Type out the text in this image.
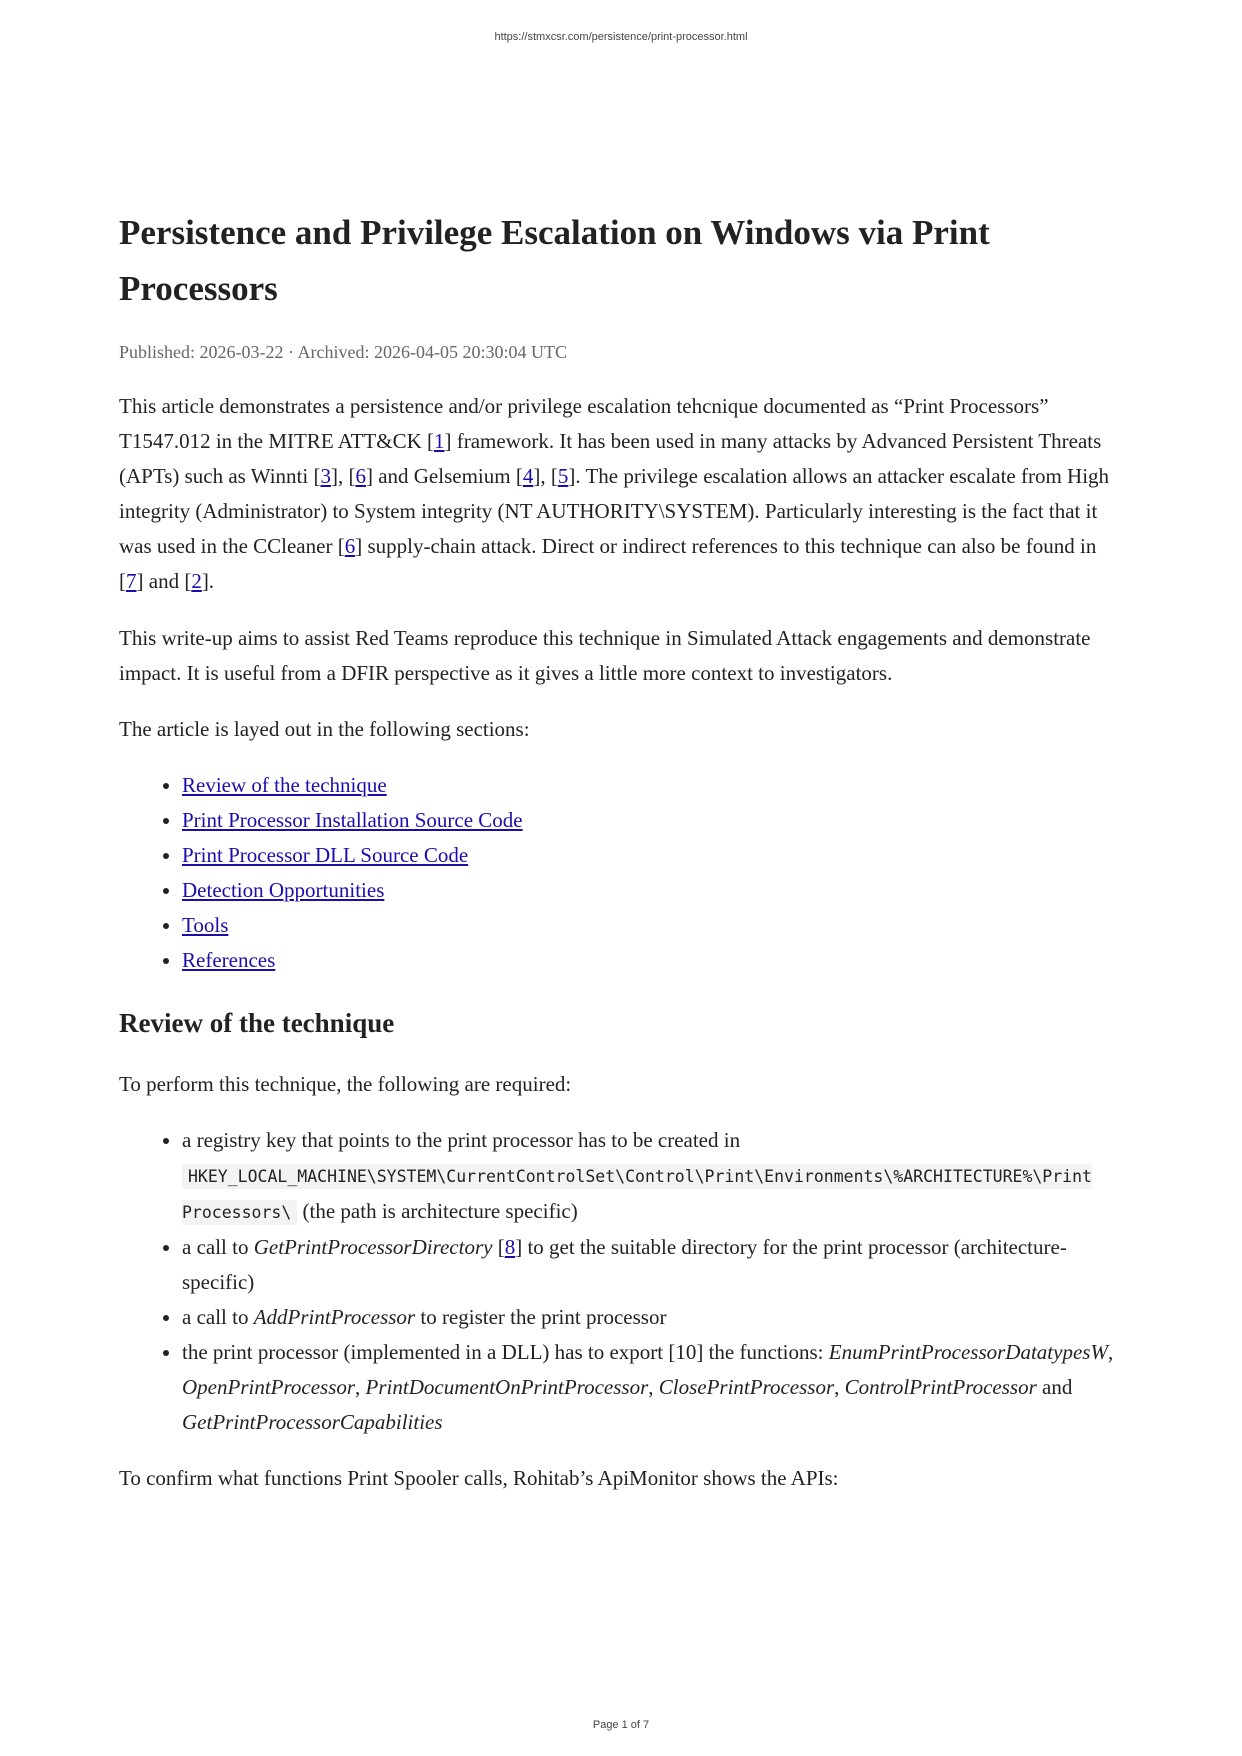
https://stmxcsr.com/persistence/print-processor.html
Persistence and Privilege Escalation on Windows via Print Processors
Published: 2026-03-22 · Archived: 2026-04-05 20:30:04 UTC

This article demonstrates a persistence and/or privilege escalation tehcnique documented as “Print Processors” T1547.012 in the MITRE ATT&CK [1] framework. It has been used in many attacks by Advanced Persistent Threats (APTs) such as Winnti [3], [6] and Gelsemium [4], [5]. The privilege escalation allows an attacker escalate from High integrity (Administrator) to System integrity (NT AUTHORITY\SYSTEM). Particularly interesting is the fact that it was used in the CCleaner [6] supply-chain attack. Direct or indirect references to this technique can also be found in [7] and [2].

This write-up aims to assist Red Teams reproduce this technique in Simulated Attack engagements and demonstrate impact. It is useful from a DFIR perspective as it gives a little more context to investigators.

The article is layed out in the following sections:

• Review of the technique
• Print Processor Installation Source Code
• Print Processor DLL Source Code
• Detection Opportunities
• Tools
• References
Review of the technique

To perform this technique, the following are required:

• a registry key that points to the print processor has to be created in HKEY_LOCAL_MACHINE\SYSTEM\CurrentControlSet\Control\Print\Environments\%ARCHITECTURE%\Print Processors\ (the path is architecture specific)
• a call to GetPrintProcessorDirectory [8] to get the suitable directory for the print processor (architecture-specific)
• a call to AddPrintProcessor to register the print processor
• the print processor (implemented in a DLL) has to export [10] the functions: EnumPrintProcessorDatatypesW, OpenPrintProcessor, PrintDocumentOnPrintProcessor, ClosePrintProcessor, ControlPrintProcessor and GetPrintProcessorCapabilities

To confirm what functions Print Spooler calls, Rohitab’s ApiMonitor shows the APIs:

Page 1 of 7
